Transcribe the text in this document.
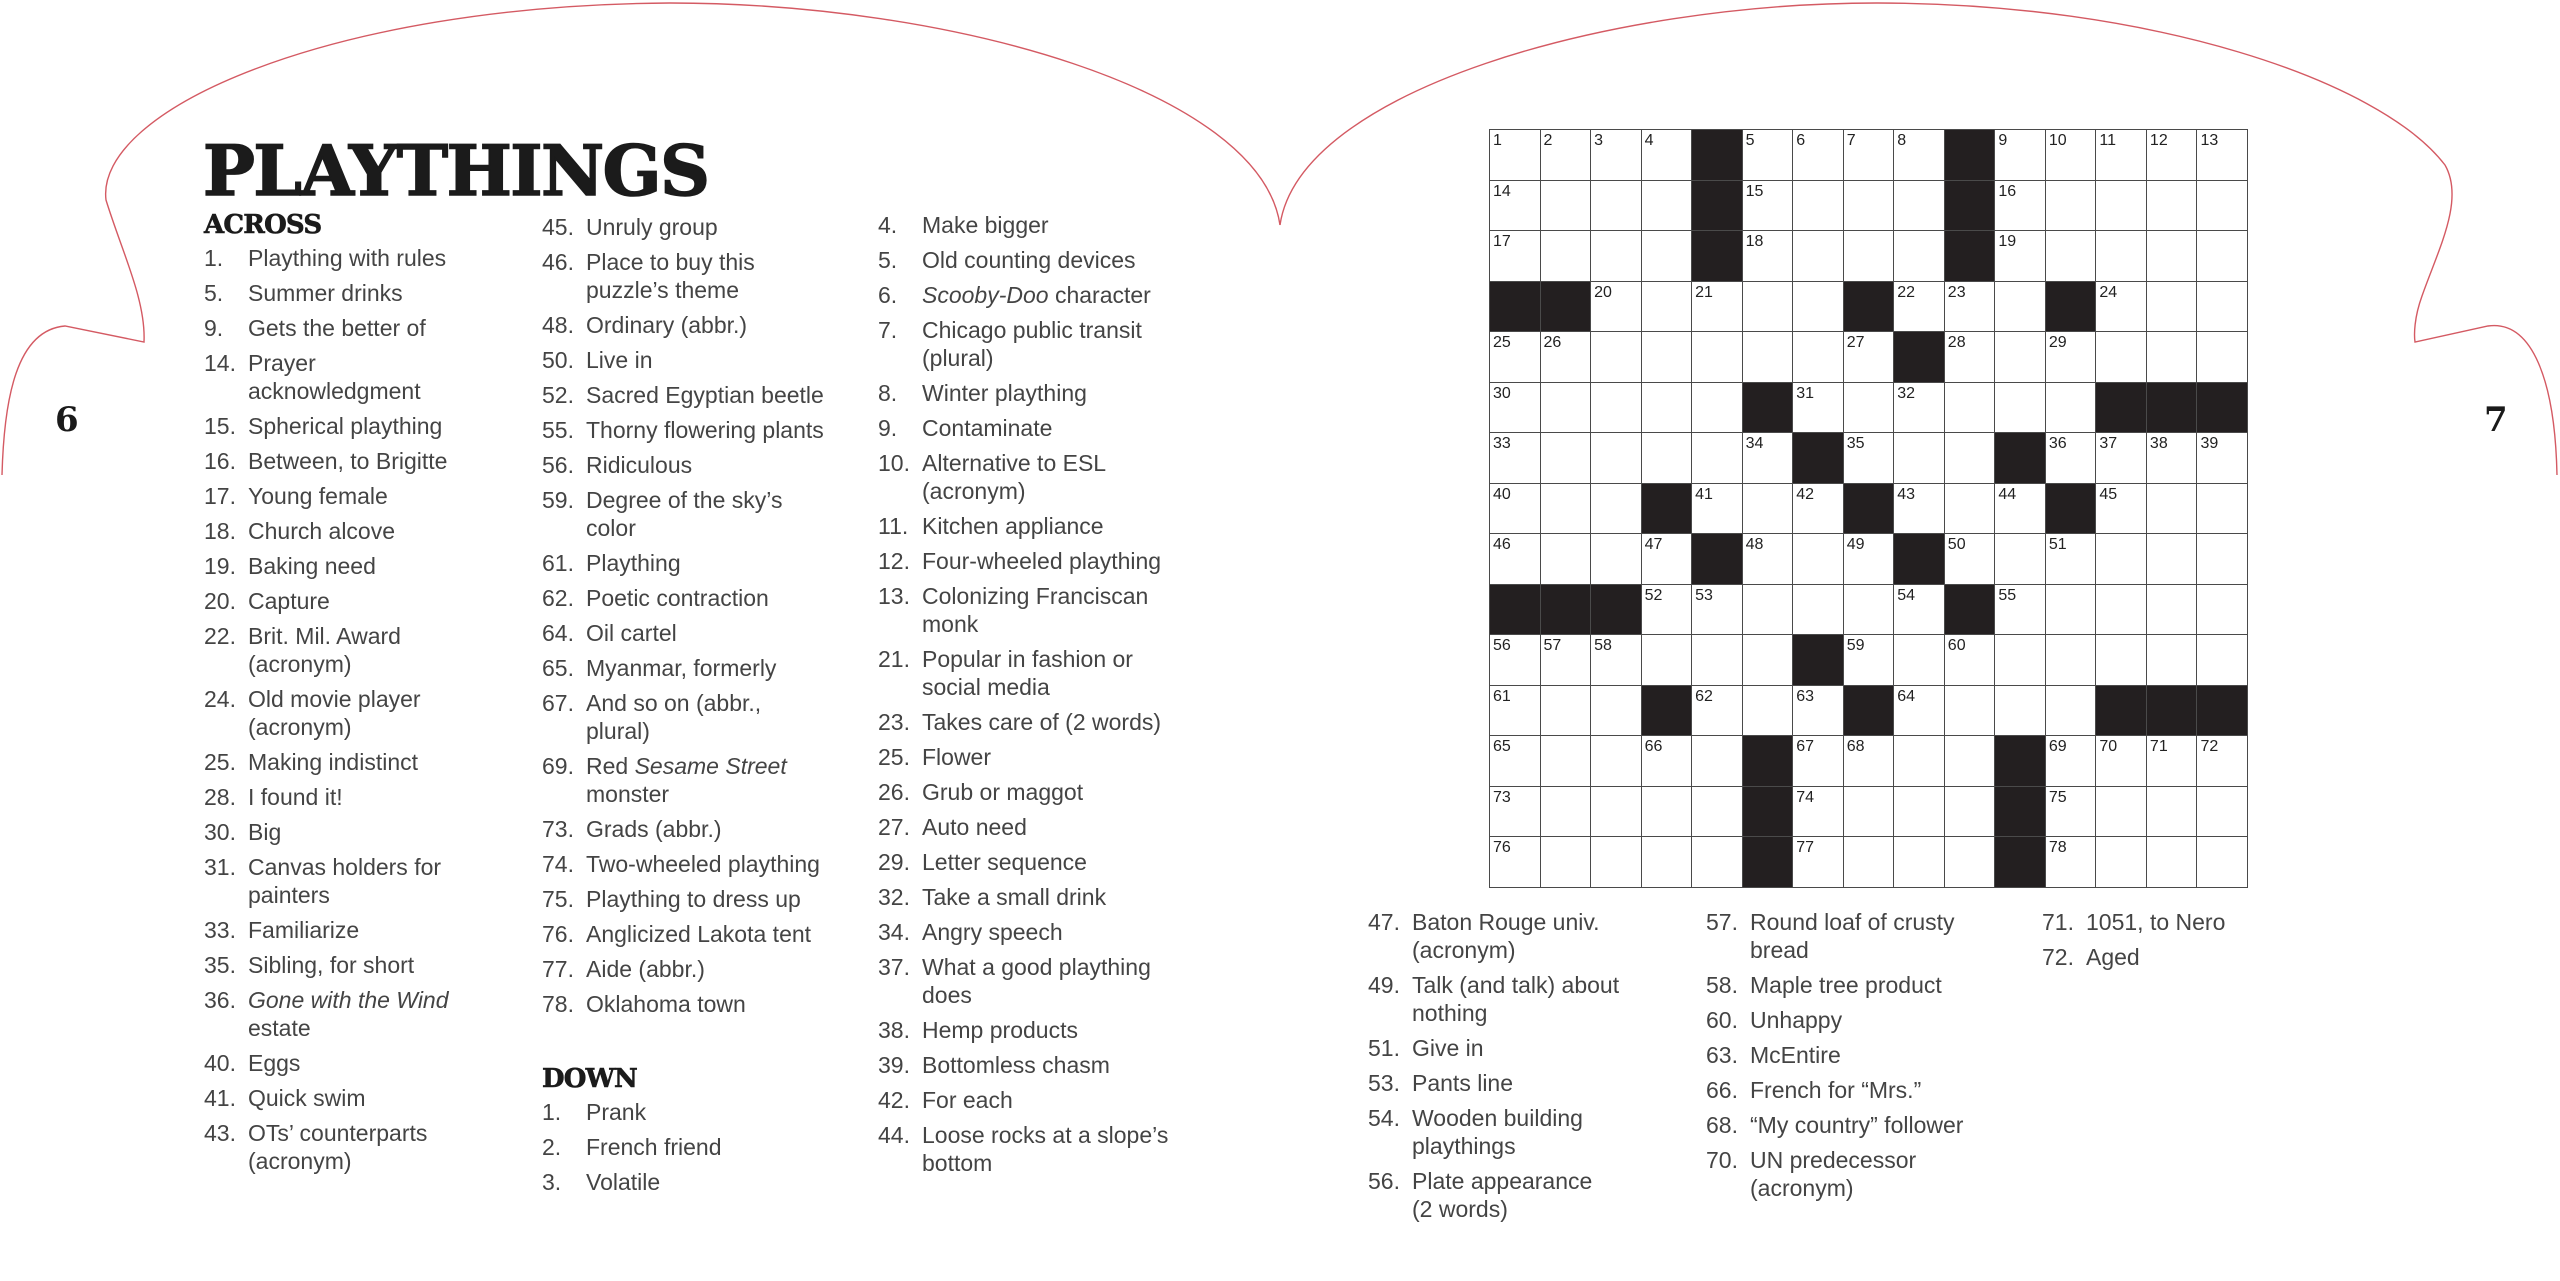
6	7
PLAYTHINGS
ACROSS
1.	Plaything with rules
5.	Summer drinks
9.	Gets the better of
14. Prayer
acknowledgment
15. Spherical plaything
16. Between, to Brigitte
17. Young female
18. Church alcove
19. Baking need
20. Capture
22. Brit. Mil. Award
(acronym)
24. Old movie player
(acronym)
25. Making indistinct
28. I found it!
30. Big
31. Canvas holders for
painters
33. Familiarize
35. Sibling, for short
36. Gone with the Wind
estate
40. Eggs
41. Quick swim
43. OTs’ counterparts
(acronym)
45. Unruly group
46. Place to buy this
puzzle’s theme
48. Ordinary (abbr.)
50. Live in
52. Sacred Egyptian beetle
55. Thorny flowering plants
56. Ridiculous
59. Degree of the sky’s
color
61. Plaything
62. Poetic contraction
64. Oil cartel
65. Myanmar, formerly
67. And so on (abbr.,
plural)
69. Red Sesame Street
monster
73. Grads (abbr.)
74. Two-wheeled plaything
75. Plaything to dress up
76. Anglicized Lakota tent
77. Aide (abbr.)
78. Oklahoma town
DOWN
1.	Prank
2.	French friend
3.	Volatile
4.	Make bigger
5.	Old counting devices
6.	Scooby-Doo character
7.	Chicago public transit
(plural)
8.	Winter plaything
9.	Contaminate
10. Alternative to ESL
(acronym)
11. Kitchen appliance
12. Four-wheeled plaything
13. Colonizing Franciscan
monk
21. Popular in fashion or
social media
23. Takes care of (2 words)
25. Flower
26. Grub or maggot
27. Auto need
29. Letter sequence
32. Take a small drink
34. Angry speech
37. What a good plaything
does
38. Hemp products
39. Bottomless chasm
42. For each
44. Loose rocks at a slope’s
bottom
1	2	3	4	5	6	7	8	9	10 11 12 13
14	15	16
17	18	19
20	21	22 23	24
25 26	27	28	29
30	31	32
33	34	35	36 37 38 39
40	41	42	43	44	45
46	47	48	49	50	51
52 53	54	55
56 57 58	59	60
61	62	63	64
65	66	67 68	69 70 71 72
73	74	75
76	77	78
47. Baton Rouge univ.
(acronym)
49. Talk (and talk) about
nothing
51. Give in
53. Pants line
54. Wooden building
playthings
56. Plate appearance
(2 words)
57. Round loaf of crusty
bread
58. Maple tree product
60. Unhappy
63. McEntire
66. French for “Mrs.”
68. “My country” follower
70. UN predecessor
(acronym)
71. 1051, to Nero
72. Aged
